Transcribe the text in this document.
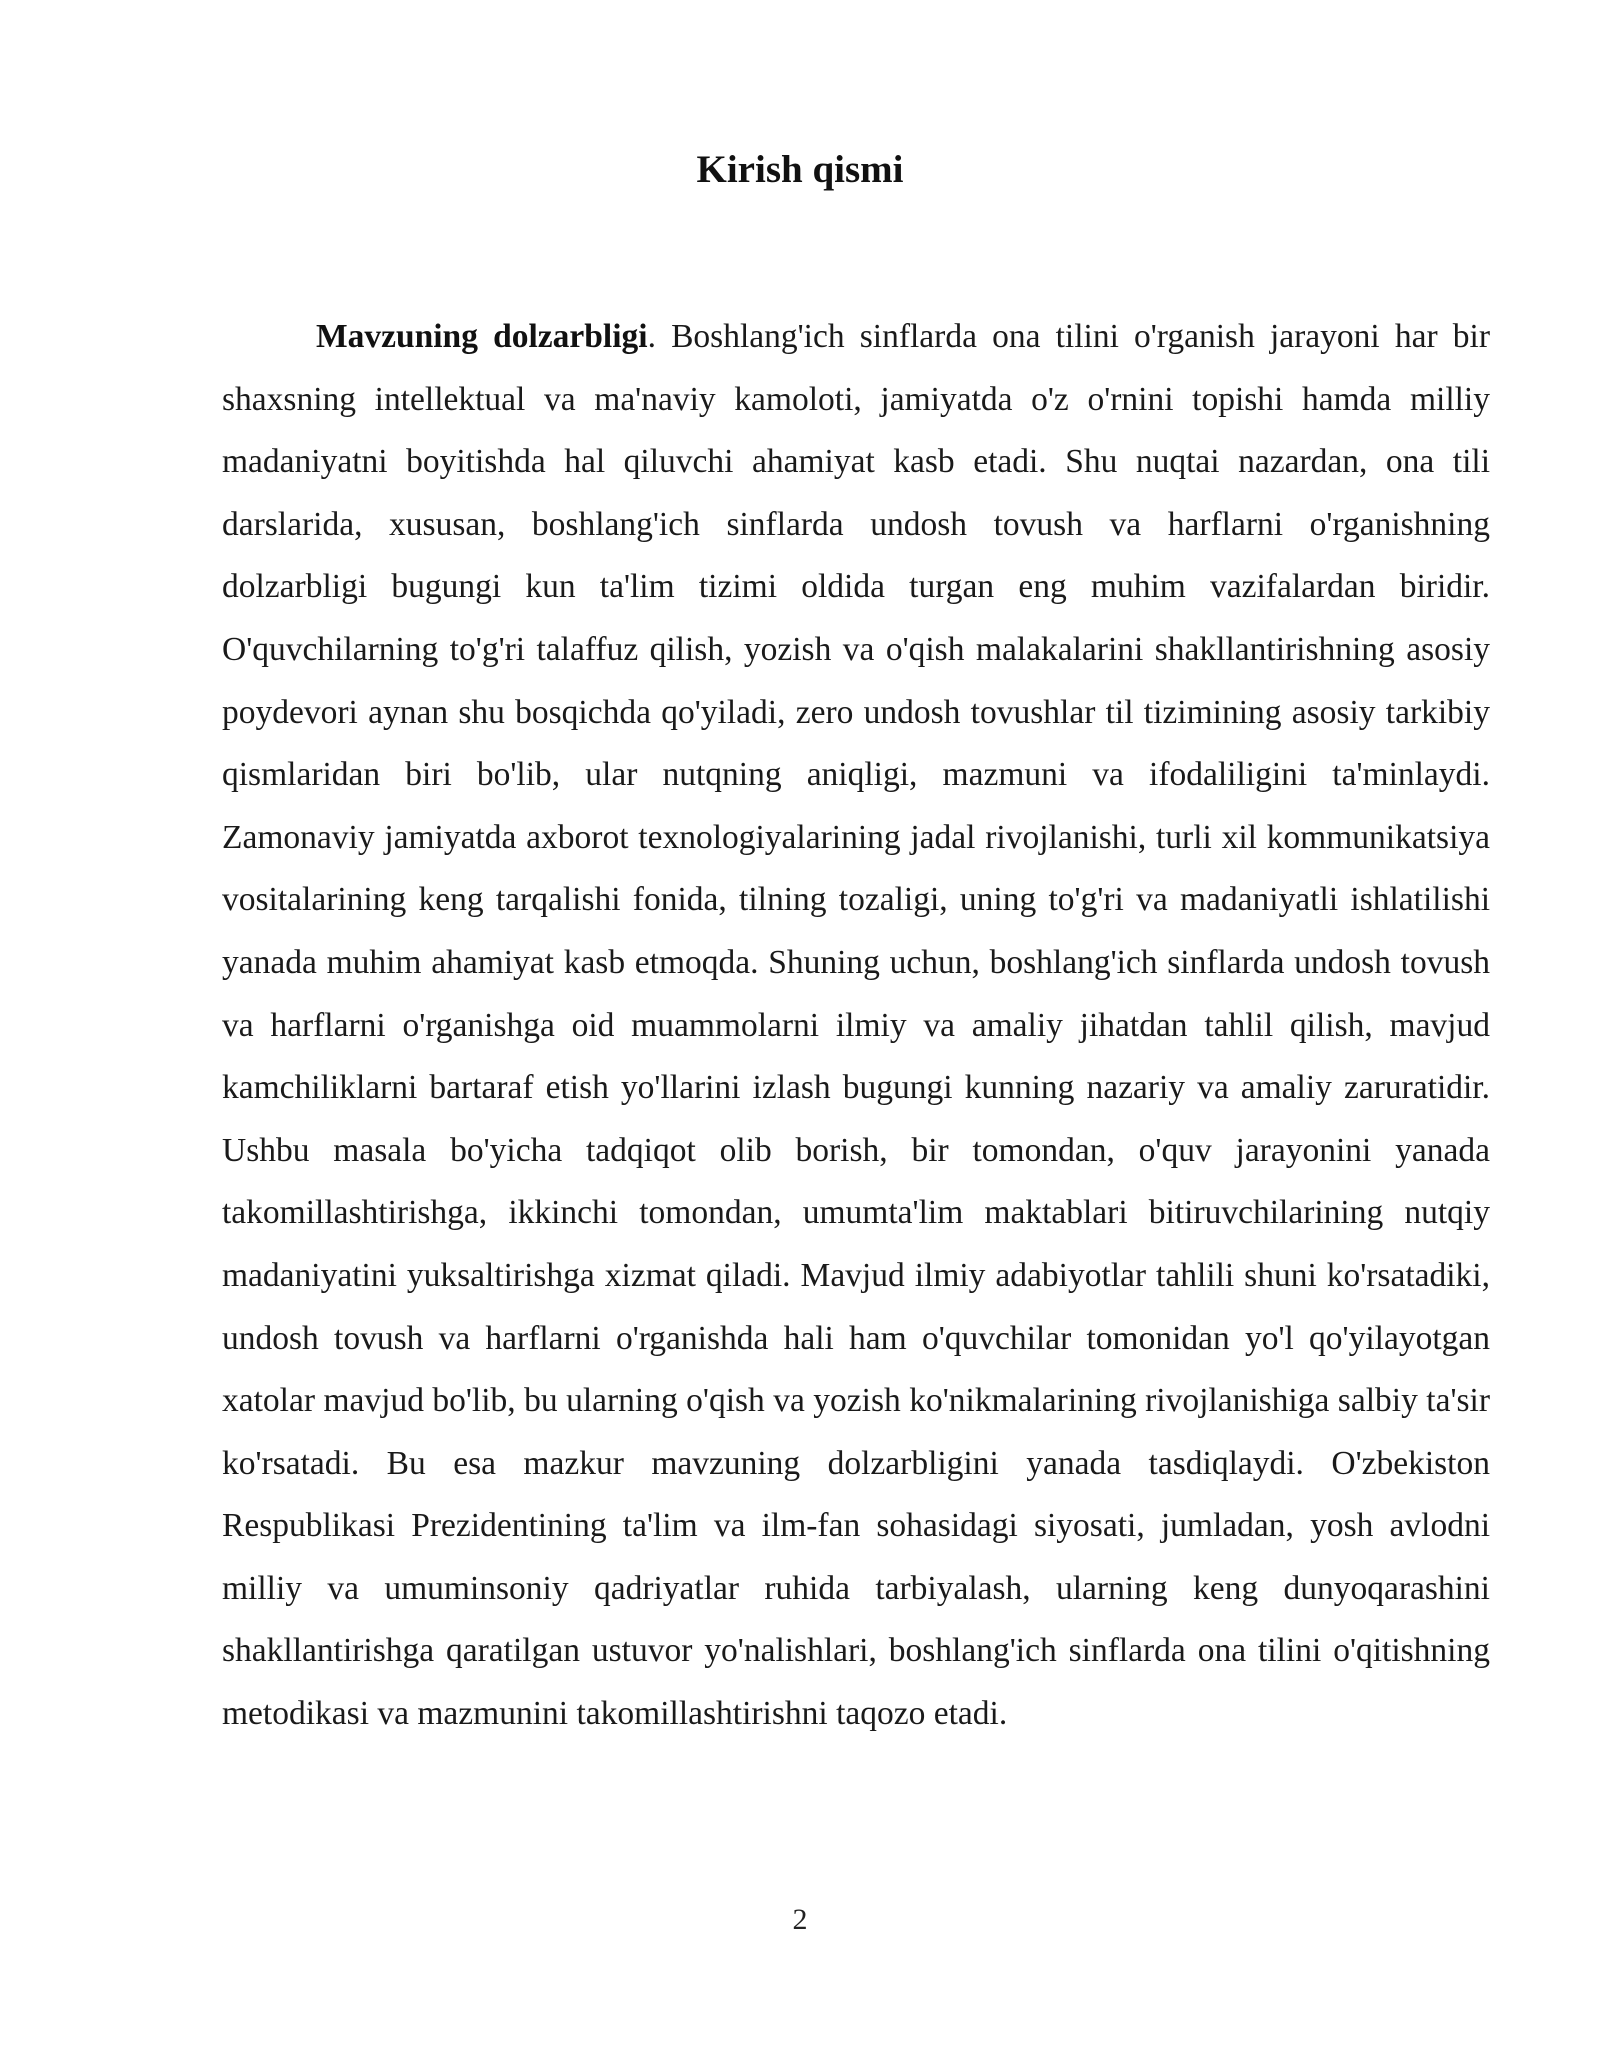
Kirish qismi

Mavzuning dolzarbligi. Boshlang'ich sinflarda ona tilini o'rganish jarayoni har bir shaxsning intellektual va ma'naviy kamoloti, jamiyatda o'z o'rnini topishi hamda milliy madaniyatni boyitishda hal qiluvchi ahamiyat kasb etadi. Shu nuqtai nazardan, ona tili darslarida, xususan, boshlang'ich sinflarda undosh tovush va harflarni o'rganishning dolzarbligi bugungi kun ta'lim tizimi oldida turgan eng muhim vazifalardan biridir. O'quvchilarning to'g'ri talaffuz qilish, yozish va o'qish malakalarini shakllantirishning asosiy poydevori aynan shu bosqichda qo'yiladi, zero undosh tovushlar til tizimining asosiy tarkibiy qismlaridan biri bo'lib, ular nutqning aniqligi, mazmuni va ifodaliligini ta'minlaydi. Zamonaviy jamiyatda axborot texnologiyalarining jadal rivojlanishi, turli xil kommunikatsiya vositalarining keng tarqalishi fonida, tilning tozaligi, uning to'g'ri va madaniyatli ishlatilishi yanada muhim ahamiyat kasb etmoqda. Shuning uchun, boshlang'ich sinflarda undosh tovush va harflarni o'rganishga oid muammolarni ilmiy va amaliy jihatdan tahlil qilish, mavjud kamchiliklarni bartaraf etish yo'llarini izlash bugungi kunning nazariy va amaliy zaruratidir. Ushbu masala bo'yicha tadqiqot olib borish, bir tomondan, o'quv jarayonini yanada takomillashtirishga, ikkinchi tomondan, umumta'lim maktablari bitiruvchilarining nutqiy madaniyatini yuksaltirishga xizmat qiladi. Mavjud ilmiy adabiyotlar tahlili shuni ko'rsatadiki, undosh tovush va harflarni o'rganishda hali ham o'quvchilar tomonidan yo'l qo'yilayotgan xatolar mavjud bo'lib, bu ularning o'qish va yozish ko'nikmalarining rivojlanishiga salbiy ta'sir ko'rsatadi. Bu esa mazkur mavzuning dolzarbligini yanada tasdiqlaydi. O'zbekiston Respublikasi Prezidentining ta'lim va ilm-fan sohasidagi siyosati, jumladan, yosh avlodni milliy va umuminsoniy qadriyatlar ruhida tarbiyalash, ularning keng dunyoqarashini shakllantirishga qaratilgan ustuvor yo'nalishlari, boshlang'ich sinflarda ona tilini o'qitishning metodikasi va mazmunini takomillashtirishni taqozo etadi.

2
